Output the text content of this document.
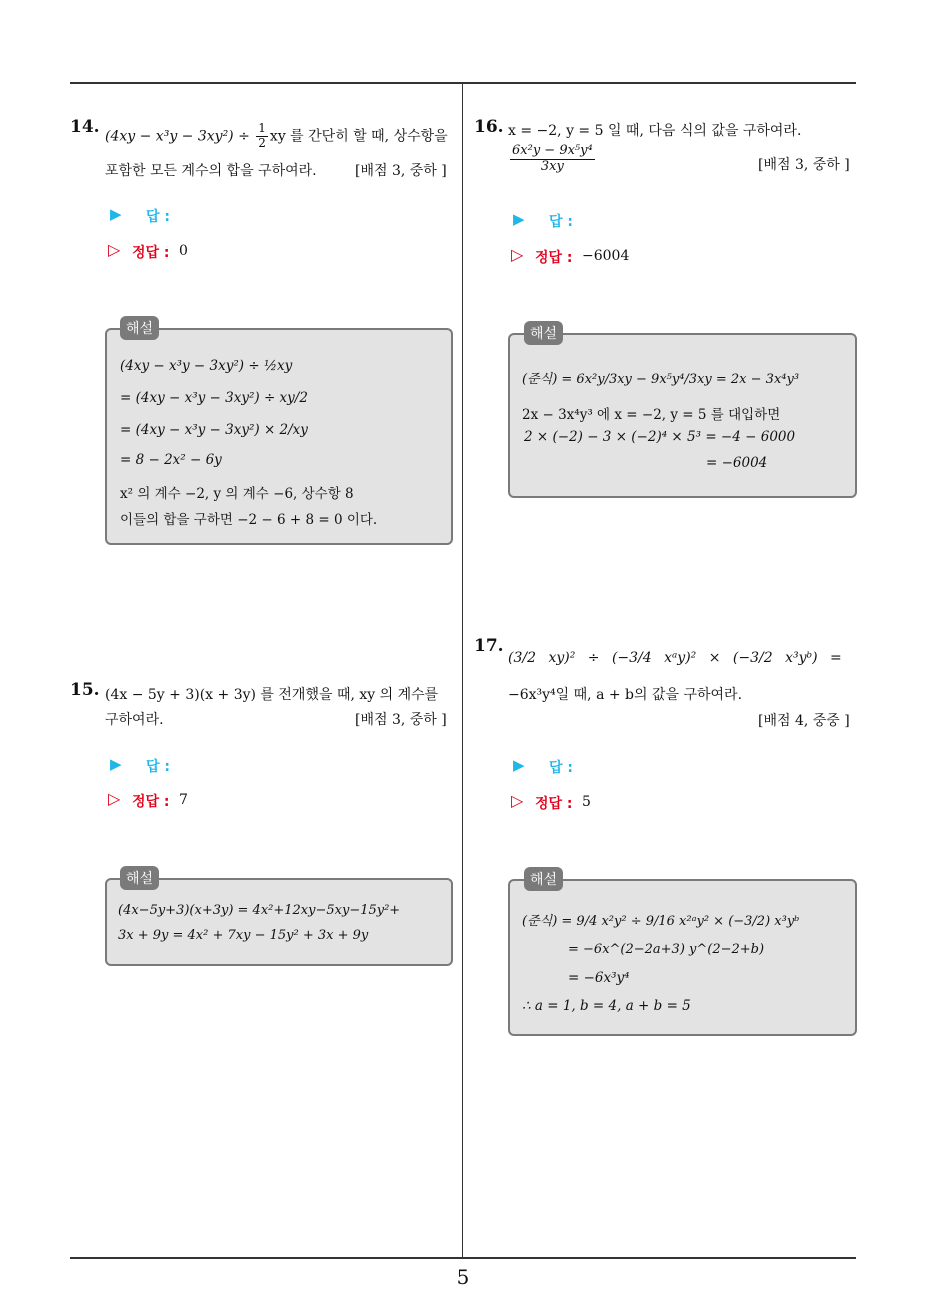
14. $(4xy - x^3y - 3xy^2) \div \frac{1}{2}$ xy 를 간단히 할 때, 상수항을
포함한 모든 계수의 합을 구하여라.	[배점 3, 중하 ]
▶ 답 :
▷ 정답 : 0
해설
(4xy − x³y − 3xy²) ÷ ½xy
= (4xy − x³y − 3xy²) ÷ xy/2
= (4xy − x³y − 3xy²) × 2/xy
= 8 − 2x² − 6y
x² 의 계수 −2, y 의 계수 −6, 상수항 8
이들의 합을 구하면 −2 − 6 + 8 = 0 이다.
15. (4x − 5y + 3)(x + 3y) 를 전개했을 때, xy 의 계수를
구하여라.	[배점 3, 중하 ]
▶ 답 :
▷ 정답 : 7
해설
(4x−5y+3)(x+3y) = 4x²+12xy−5xy−15y²+
3x + 9y = 4x² + 7xy − 15y² + 3x + 9y
16. x = −2, y = 5 일 때, 다음 식의 값을 구하여라.
$\frac{\text{6x²y − 9x⁵y⁴}}{3xy}$	[배점 3, 중하 ]
▶ 답 :
▷ 정답 : −6004
해설
(준식) = 6x²y/3xy − 9x⁵y⁴/3xy = 2x − 3x⁴y³
2x − 3x⁴y³ 에 x = −2, y = 5 를 대입하면
2 × (−2) − 3 × (−2)⁴ × 5³ = −4 − 6000
= −6004
17.
(3/2 xy)² ÷ (−3/4 xᵃy)² × (−3/2 x³yᵇ) =
−6x³y⁴일 때, a + b의 값을 구하여라.
[배점 4, 중중 ]
▶ 답 :
▷ 정답 : 5
해설
(준식) = 9/4 x²y² ÷ 9/16 x²ᵃy² × (−3/2) x³yᵇ
= −6x^(2−2a+3) y^(2−2+b)
= −6x³y⁴
∴ a = 1, b = 4, a + b = 5
5
